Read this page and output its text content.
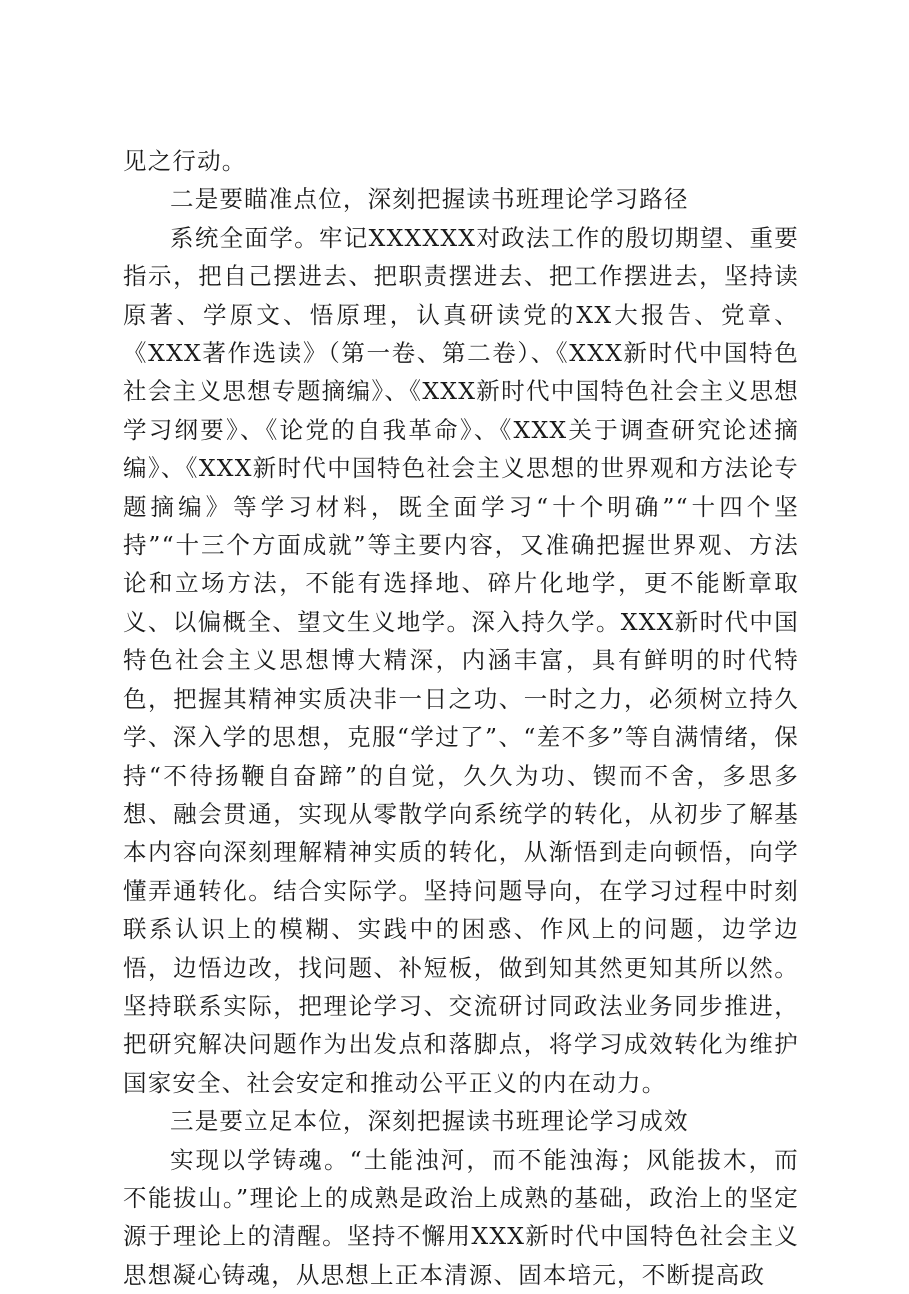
见之行动。

二是要瞄准点位，深刻把握读书班理论学习路径

系统全面学。牢记XXXXXX对政法工作的殷切期望、重要指示，把自己摆进去、把职责摆进去、把工作摆进去，坚持读原著、学原文、悟原理，认真研读党的XX大报告、党章、《XXX著作选读》（第一卷、第二卷）、《XXX新时代中国特色社会主义思想专题摘编》、《XXX新时代中国特色社会主义思想学习纲要》、《论党的自我革命》、《XXX关于调查研究论述摘编》、《XXX新时代中国特色社会主义思想的世界观和方法论专题摘编》等学习材料，既全面学习“十个明确”“十四个坚持”“十三个方面成就”等主要内容，又准确把握世界观、方法论和立场方法，不能有选择地、碎片化地学，更不能断章取义、以偏概全、望文生义地学。深入持久学。XXX新时代中国特色社会主义思想博大精深，内涵丰富，具有鲜明的时代特色，把握其精神实质决非一日之功、一时之力，必须树立持久学、深入学的思想，克服“学过了”、“差不多”等自满情绪，保持“不待扬鞭自奋蹄”的自觉，久久为功、锲而不舍，多思多想、融会贯通，实现从零散学向系统学的转化，从初步了解基本内容向深刻理解精神实质的转化，从渐悟到走向顿悟，向学懂弄通转化。结合实际学。坚持问题导向，在学习过程中时刻联系认识上的模糊、实践中的困惑、作风上的问题，边学边悟，边悟边改，找问题、补短板，做到知其然更知其所以然。坚持联系实际，把理论学习、交流研讨同政法业务同步推进，把研究解决问题作为出发点和落脚点，将学习成效转化为维护国家安全、社会安定和推动公平正义的内在动力。

三是要立足本位，深刻把握读书班理论学习成效

实现以学铸魂。“土能浊河，而不能浊海；风能拔木，而不能拔山。”理论上的成熟是政治上成熟的基础，政治上的坚定源于理论上的清醒。坚持不懈用XXX新时代中国特色社会主义思想凝心铸魂，从思想上正本清源、固本培元，不断提高政
